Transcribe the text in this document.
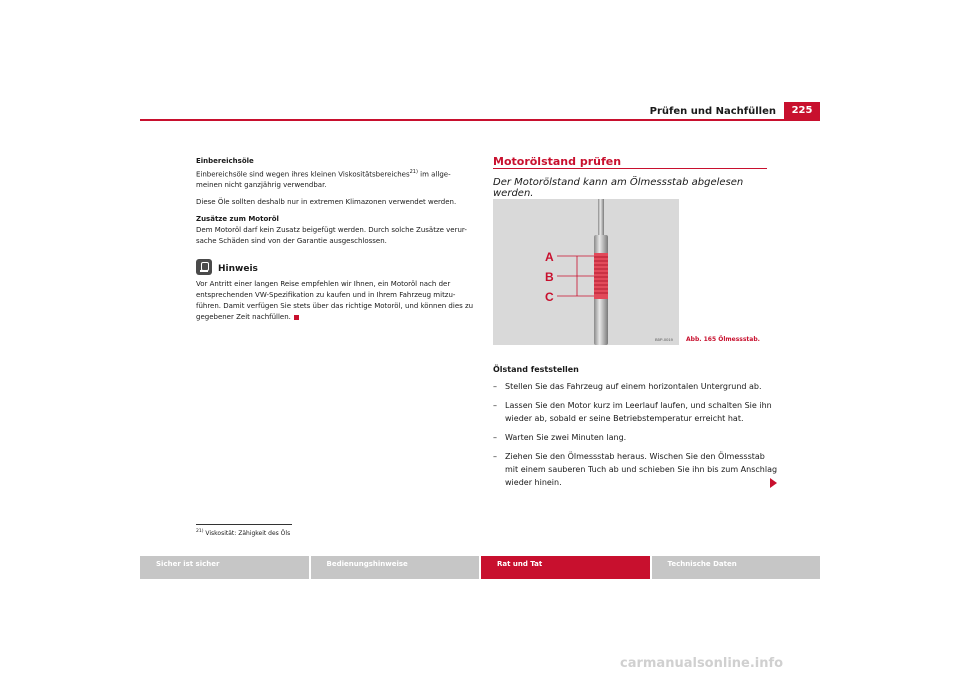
Prüfen und Nachfüllen	225

Einbereichsöle

Einbereichsöle sind wegen ihres kleinen Viskositätsbereiches$^{21)}$ im allge-meinen nicht ganzjährig verwendbar.

Diese Öle sollten deshalb nur in extremen Klimazonen verwendet werden.

Zusätze zum Motoröl

Dem Motoröl darf kein Zusatz beigefügt werden. Durch solche Zusätze verur-sache Schäden sind von der Garantie ausgeschlossen.

Hinweis

Vor Antritt einer langen Reise empfehlen wir Ihnen, ein Motoröl nach der entsprechenden VW-Spezifikation zu kaufen und in Ihrem Fahrzeug mitzu-führen. Damit verfügen Sie stets über das richtige Motoröl, und können dies zu gegebener Zeit nachfüllen.

$^{21)}$ Viskosität: Zähigkeit des Öls
Motorölstand prüfen
Der Motorölstand kann am Ölmessstab abgelesen werden.
A
B
C
B5P-0019 Abb. 165 Ölmessstab.
Ölstand feststellen
–	Stellen Sie das Fahrzeug auf einem horizontalen Untergrund ab.
–	Lassen Sie den Motor kurz im Leerlauf laufen, und schalten Sie ihn wieder ab, sobald er seine Betriebstemperatur erreicht hat.
–	Warten Sie zwei Minuten lang.
–	Ziehen Sie den Ölmessstab heraus. Wischen Sie den Ölmessstab mit einem sauberen Tuch ab und schieben Sie ihn bis zum Anschlag wieder hinein.
Sicher ist sicher	Bedienungshinweise	Rat und Tat	Technische Daten
carmanualsonline.info
